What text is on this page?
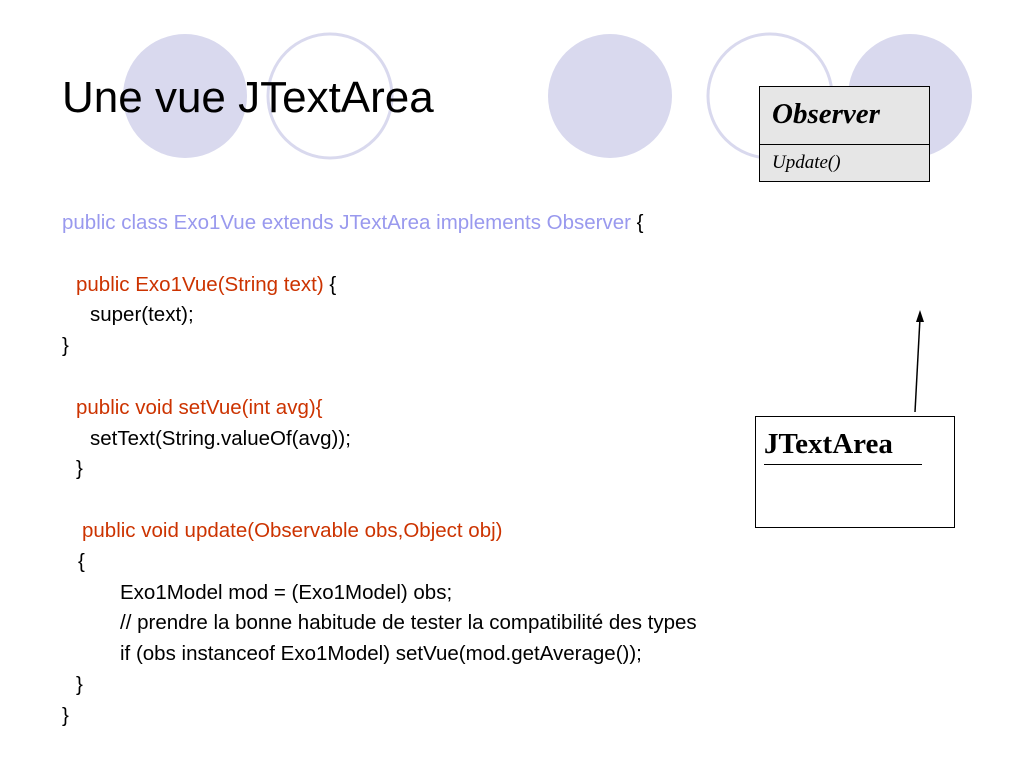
Une vue JTextArea	Observer
Update()
JTextArea
public class Exo1Vue extends JTextArea implements Observer {
public Exo1Vue(String text) {
super(text);
}
public void setVue(int avg){
setText(String.valueOf(avg));
}
public void update(Observable obs,Object obj)
{
Exo1Model mod = (Exo1Model) obs;
// prendre la bonne habitude de tester la compatibilité des types
if (obs instanceof Exo1Model) setVue(mod.getAverage());
}
}
